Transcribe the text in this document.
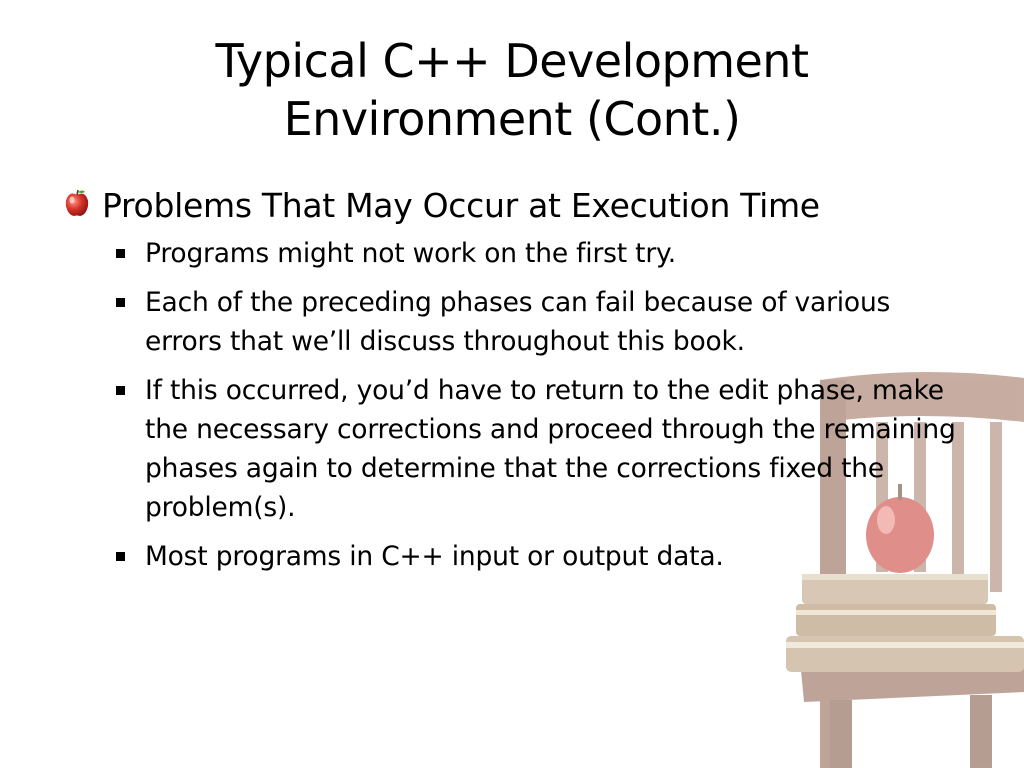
Typical C++ Development
Environment (Cont.)
Problems That May Occur at Execution Time
Programs might not work on the first try.
Each of the preceding phases can fail because of various errors that we’ll discuss throughout this book.
If this occurred, you’d have to return to the edit phase, make the necessary corrections and proceed through the remaining phases again to determine that the corrections fixed the problem(s).
Most programs in C++ input or output data.
